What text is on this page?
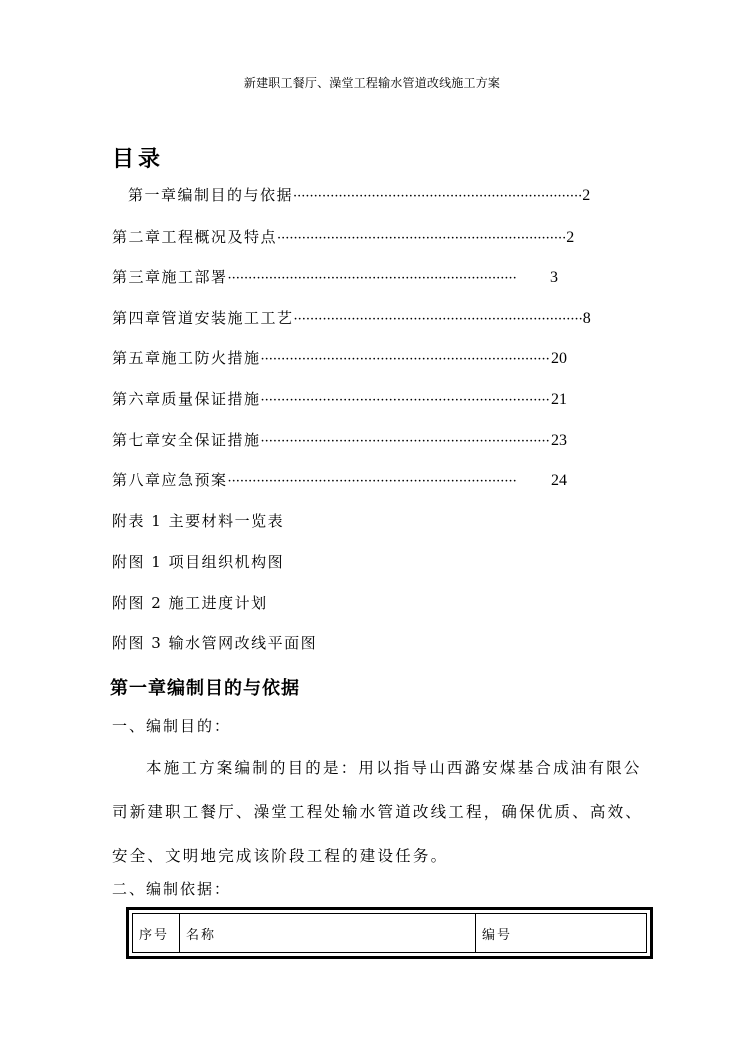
新建职工餐厅、澡堂工程输水管道改线施工方案
目录
第一章编制目的与依据 ······································································ 2
第二章工程概况及特点 ······································································ 2
第三章施工部署 ······································································	3
第四章管道安装施工工艺 ······································································ 8
第五章施工防火措施 ······································································ 20
第六章质量保证措施 ······································································ 21
第七章安全保证措施 ······································································ 23
第八章应急预案 ······································································	24
附表 1 主要材料一览表
附图 1 项目组织机构图
附图 2 施工进度计划
附图 3 输水管网改线平面图
第一章编制目的与依据
一、编制目的：
本施工方案编制的目的是：用以指导山西潞安煤基合成油有限公
司新建职工餐厅、澡堂工程处输水管道改线工程，确保优质、高效、
安全、文明地完成该阶段工程的建设任务。
二、编制依据：
序号	名称	编号
